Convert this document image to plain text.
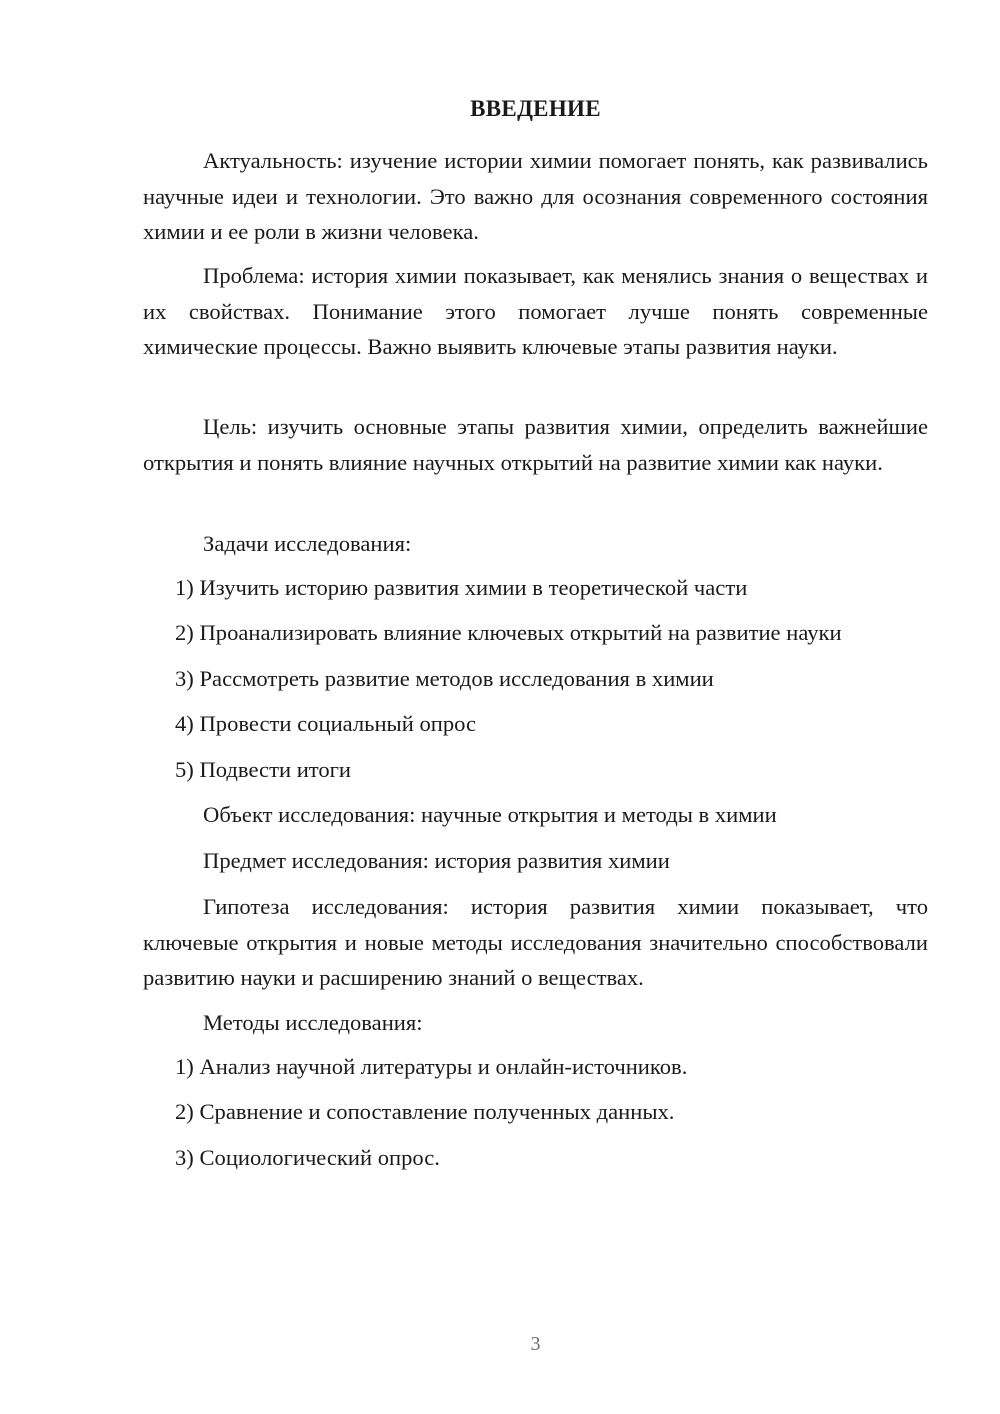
ВВЕДЕНИЕ

Актуальность: изучение истории химии помогает понять, как развивались научные идеи и технологии. Это важно для осознания современного состояния химии и ее роли в жизни человека.

Проблема: история химии показывает, как менялись знания о веществах и их свойствах. Понимание этого помогает лучше понять современные химические процессы. Важно выявить ключевые этапы развития науки.

Цель: изучить основные этапы развития химии, определить важнейшие открытия и понять влияние научных открытий на развитие химии как науки.

Задачи исследования:
1) Изучить историю развития химии в теоретической части
2) Проанализировать влияние ключевых открытий на развитие науки
3) Рассмотреть развитие методов исследования в химии
4) Провести социальный опрос
5) Подвести итоги
Объект исследования: научные открытия и методы в химии
Предмет исследования: история развития химии

Гипотеза исследования: история развития химии показывает, что ключевые открытия и новые методы исследования значительно способствовали развитию науки и расширению знаний о веществах.

Методы исследования:
1) Анализ научной литературы и онлайн-источников.
2) Сравнение и сопоставление полученных данных.
3) Социологический опрос.
3
